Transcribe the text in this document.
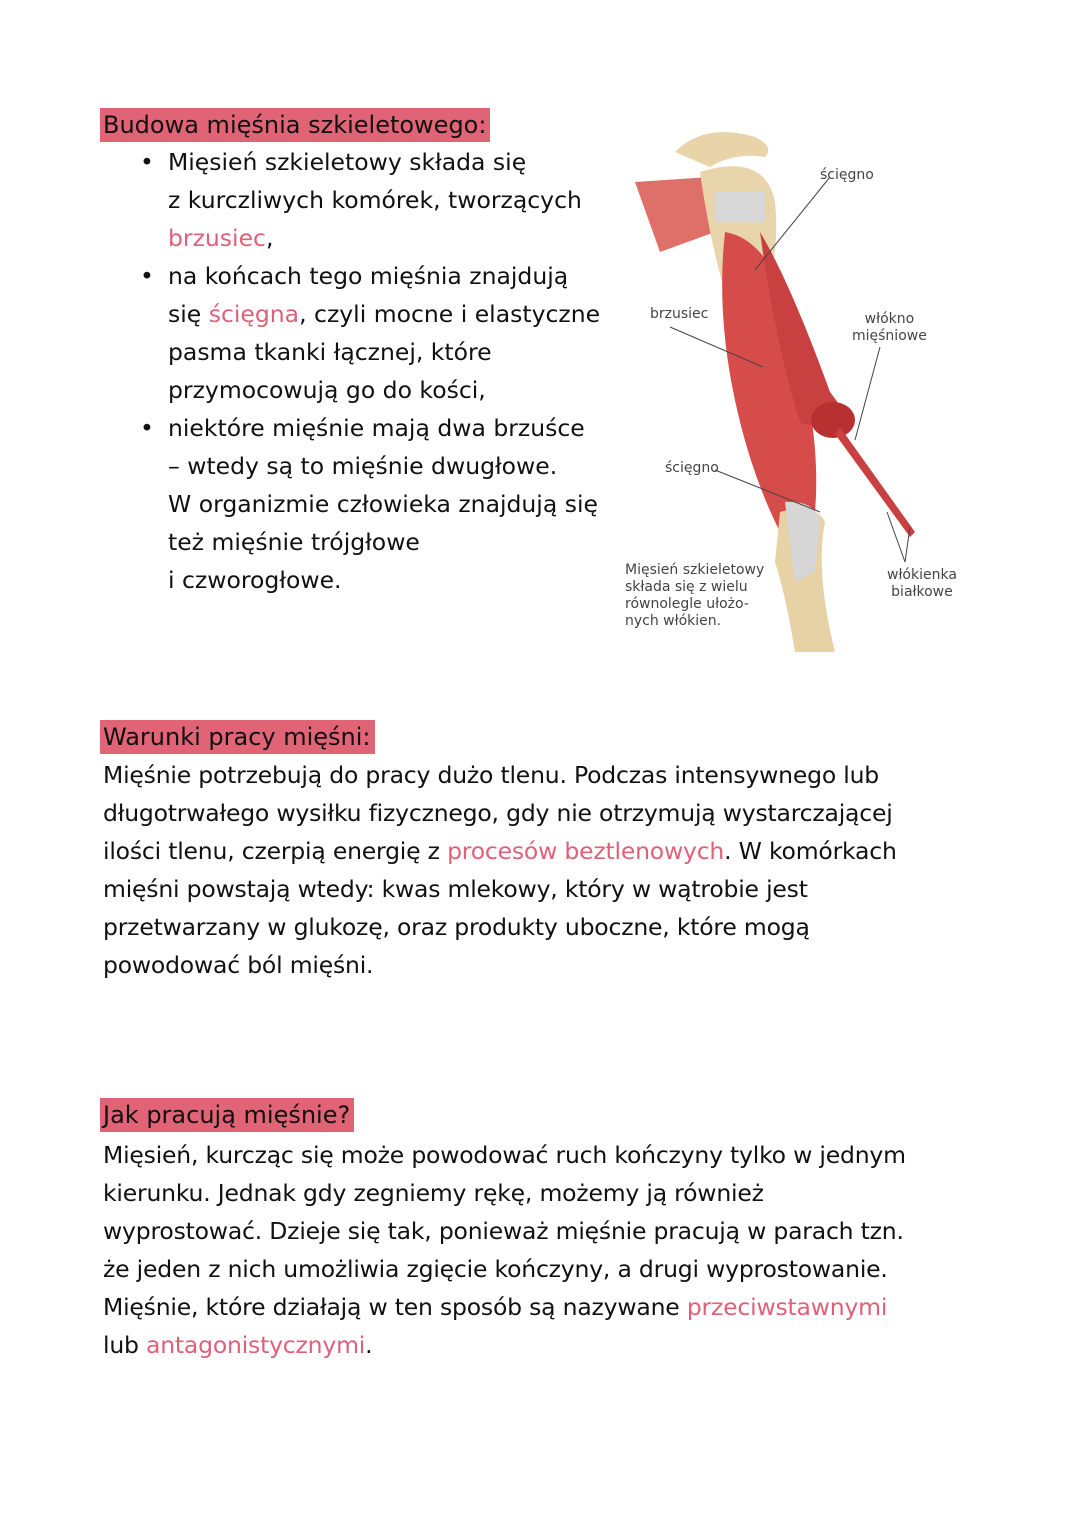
Budowa mięśnia szkieletowego:
• Mięsień szkieletowy składa się
z kurczliwych komórek, tworzących
brzusiec,
• na końcach tego mięśnia znajdują
się ścięgna, czyli mocne i elastyczne
pasma tkanki łącznej, które
przymocowują go do kości,
• niektóre mięśnie mają dwa brzuśce
– wtedy są to mięśnie dwugłowe.
W organizmie człowieka znajdują się
też mięśnie trójgłowe
i czworogłowe.
ścięgno
brzusiec	włókno
mięśniowe
ścięgno
włókienka
białkowe
Mięsień szkieletowy
składa się z wielu
równolegle ułożo-
nych włókien.
Warunki pracy mięśni:
Mięśnie potrzebują do pracy dużo tlenu. Podczas intensywnego lub
długotrwałego wysiłku fizycznego, gdy nie otrzymują wystarczającej
ilości tlenu, czerpią energię z procesów beztlenowych. W komórkach
mięśni powstają wtedy: kwas mlekowy, który w wątrobie jest
przetwarzany w glukozę, oraz produkty uboczne, które mogą
powodować ból mięśni.
Jak pracują mięśnie?
Mięsień, kurcząc się może powodować ruch kończyny tylko w jednym
kierunku. Jednak gdy zegniemy rękę, możemy ją również
wyprostować. Dzieje się tak, ponieważ mięśnie pracują w parach tzn.
że jeden z nich umożliwia zgięcie kończyny, a drugi wyprostowanie.
Mięśnie, które działają w ten sposób są nazywane przeciwstawnymi
lub antagonistycznymi.
